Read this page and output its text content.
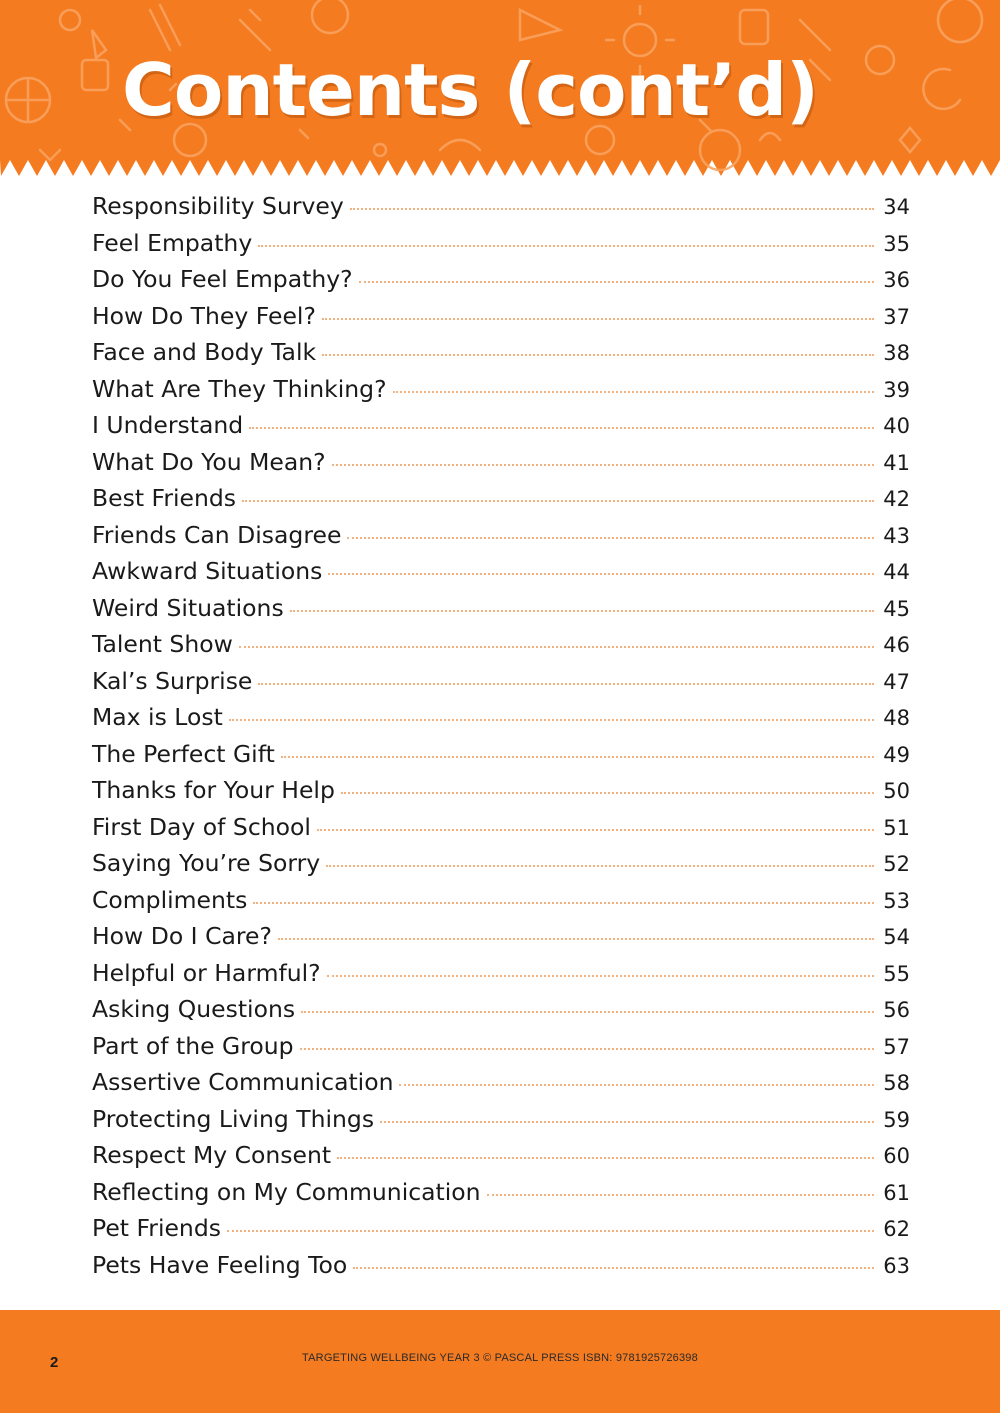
Contents (cont’d)
Responsibility Survey	34
Feel Empathy	35
Do You Feel Empathy?	36
How Do They Feel?	37
Face and Body Talk	38
What Are They Thinking?	39
I Understand	40
What Do You Mean?	41
Best Friends	42
Friends Can Disagree	43
Awkward Situations	44
Weird Situations	45
Talent Show	46
Kal’s Surprise	47
Max is Lost	48
The Perfect Gift	49
Thanks for Your Help	50
First Day of School	51
Saying You’re Sorry	52
Compliments	53
How Do I Care?	54
Helpful or Harmful?	55
Asking Questions	56
Part of the Group	57
Assertive Communication	58
Protecting Living Things	59
Respect My Consent	60
Reflecting on My Communication	61
Pet Friends	62
Pets Have Feeling Too	63
2	TARGETING WELLBEING YEAR 3 © PASCAL PRESS ISBN: 9781925726398
